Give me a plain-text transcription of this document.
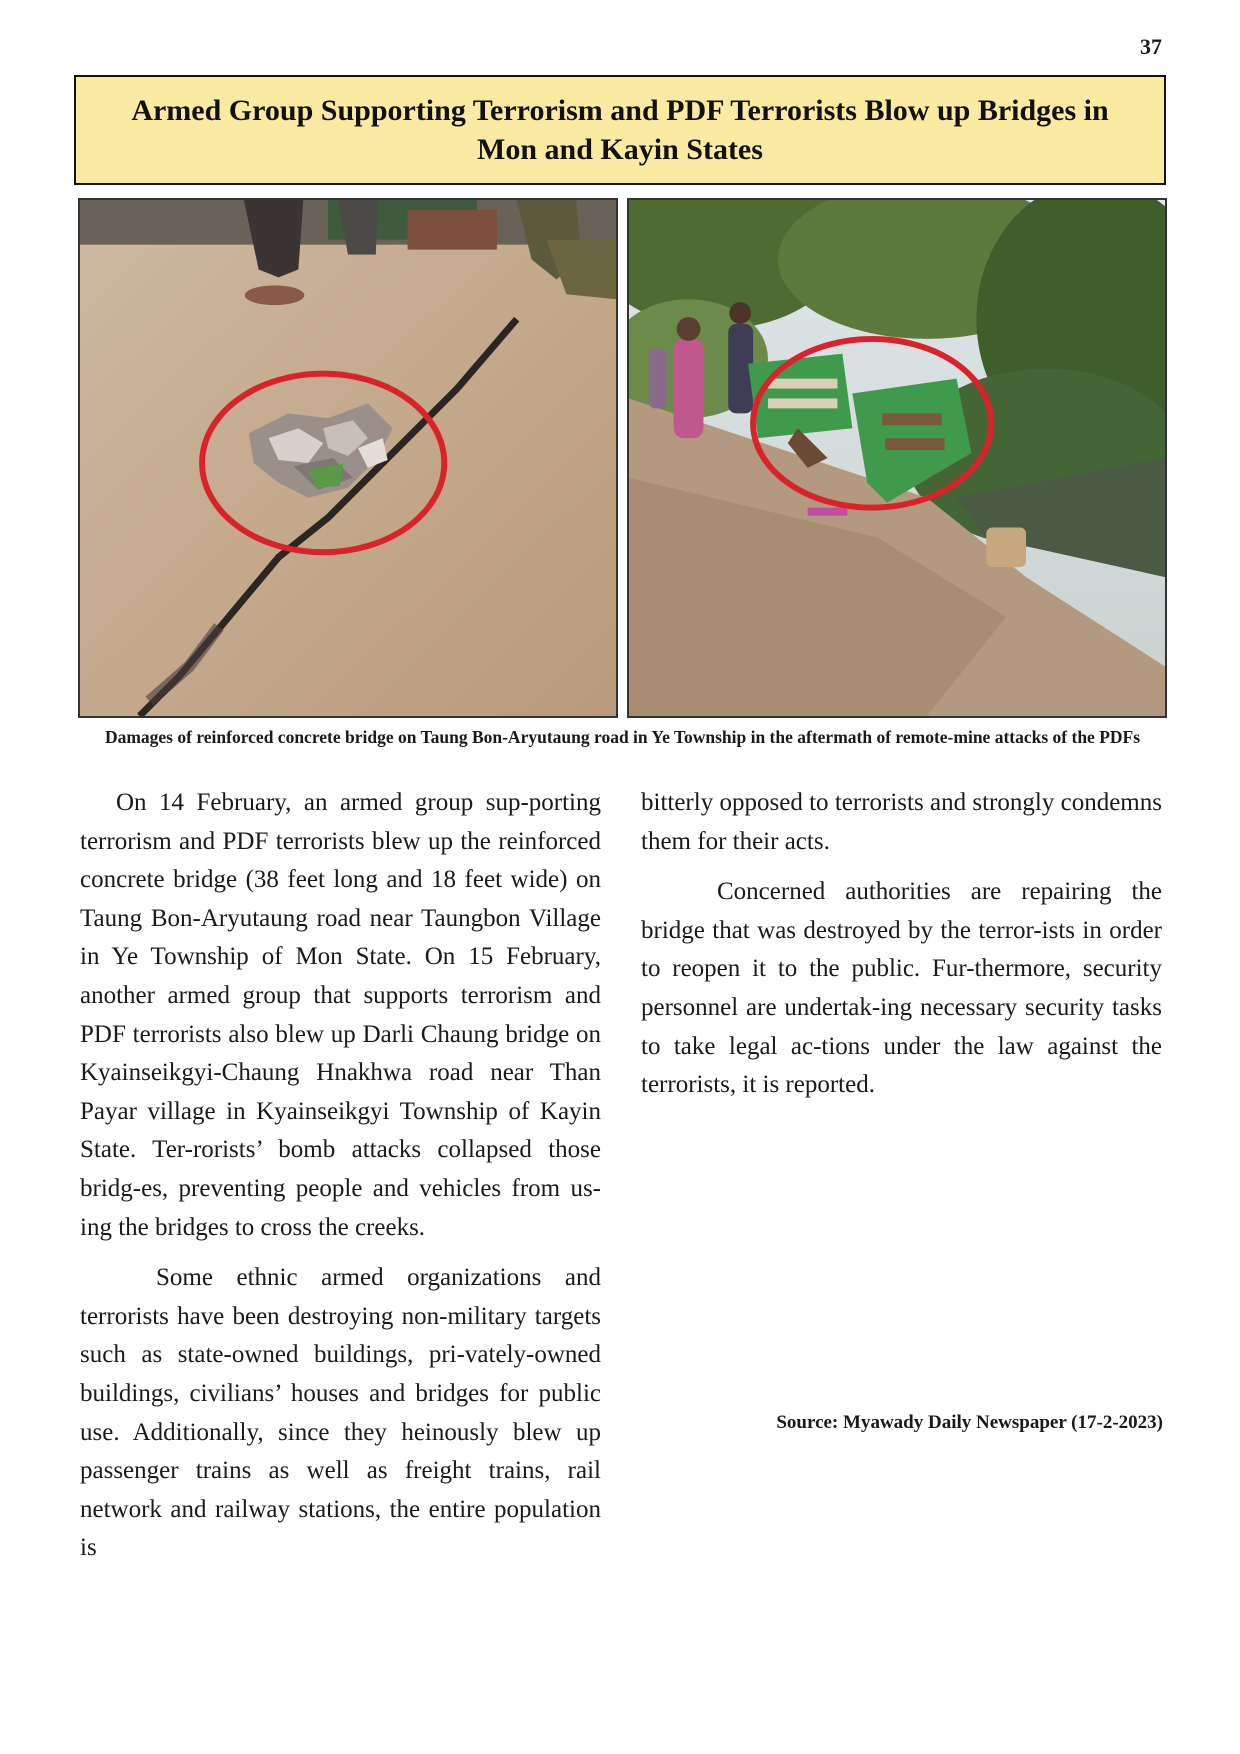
37
Armed Group Supporting Terrorism and PDF Terrorists Blow up Bridges in Mon and Kayin States
Damages of reinforced concrete bridge on Taung Bon-Aryutaung road in Ye Township in the aftermath of remote-mine attacks of the PDFs

On 14 February, an armed group sup-porting terrorism and PDF terrorists blew up the reinforced concrete bridge (38 feet long and 18 feet wide) on Taung Bon-Aryutaung road near Taungbon Village in Ye Township of Mon State. On 15 February, another armed group that supports terrorism and PDF terrorists also blew up Darli Chaung bridge on Kyainseikgyi-Chaung Hnakhwa road near Than Payar village in Kyainseikgyi Township of Kayin State. Ter-rorists’ bomb attacks collapsed those bridg-es, preventing people and vehicles from us-ing the bridges to cross the creeks.

Some ethnic armed organizations and terrorists have been destroying non-military targets such as state-owned buildings, pri-vately-owned buildings, civilians’ houses and bridges for public use. Additionally, since they heinously blew up passenger trains as well as freight trains, rail network and railway stations, the entire population is

bitterly opposed to terrorists and strongly condemns them for their acts.

Concerned authorities are repairing the bridge that was destroyed by the terror-ists in order to reopen it to the public. Fur-thermore, security personnel are undertak-ing necessary security tasks to take legal ac-tions under the law against the terrorists, it is reported.

Source: Myawady Daily Newspaper (17-2-2023)
